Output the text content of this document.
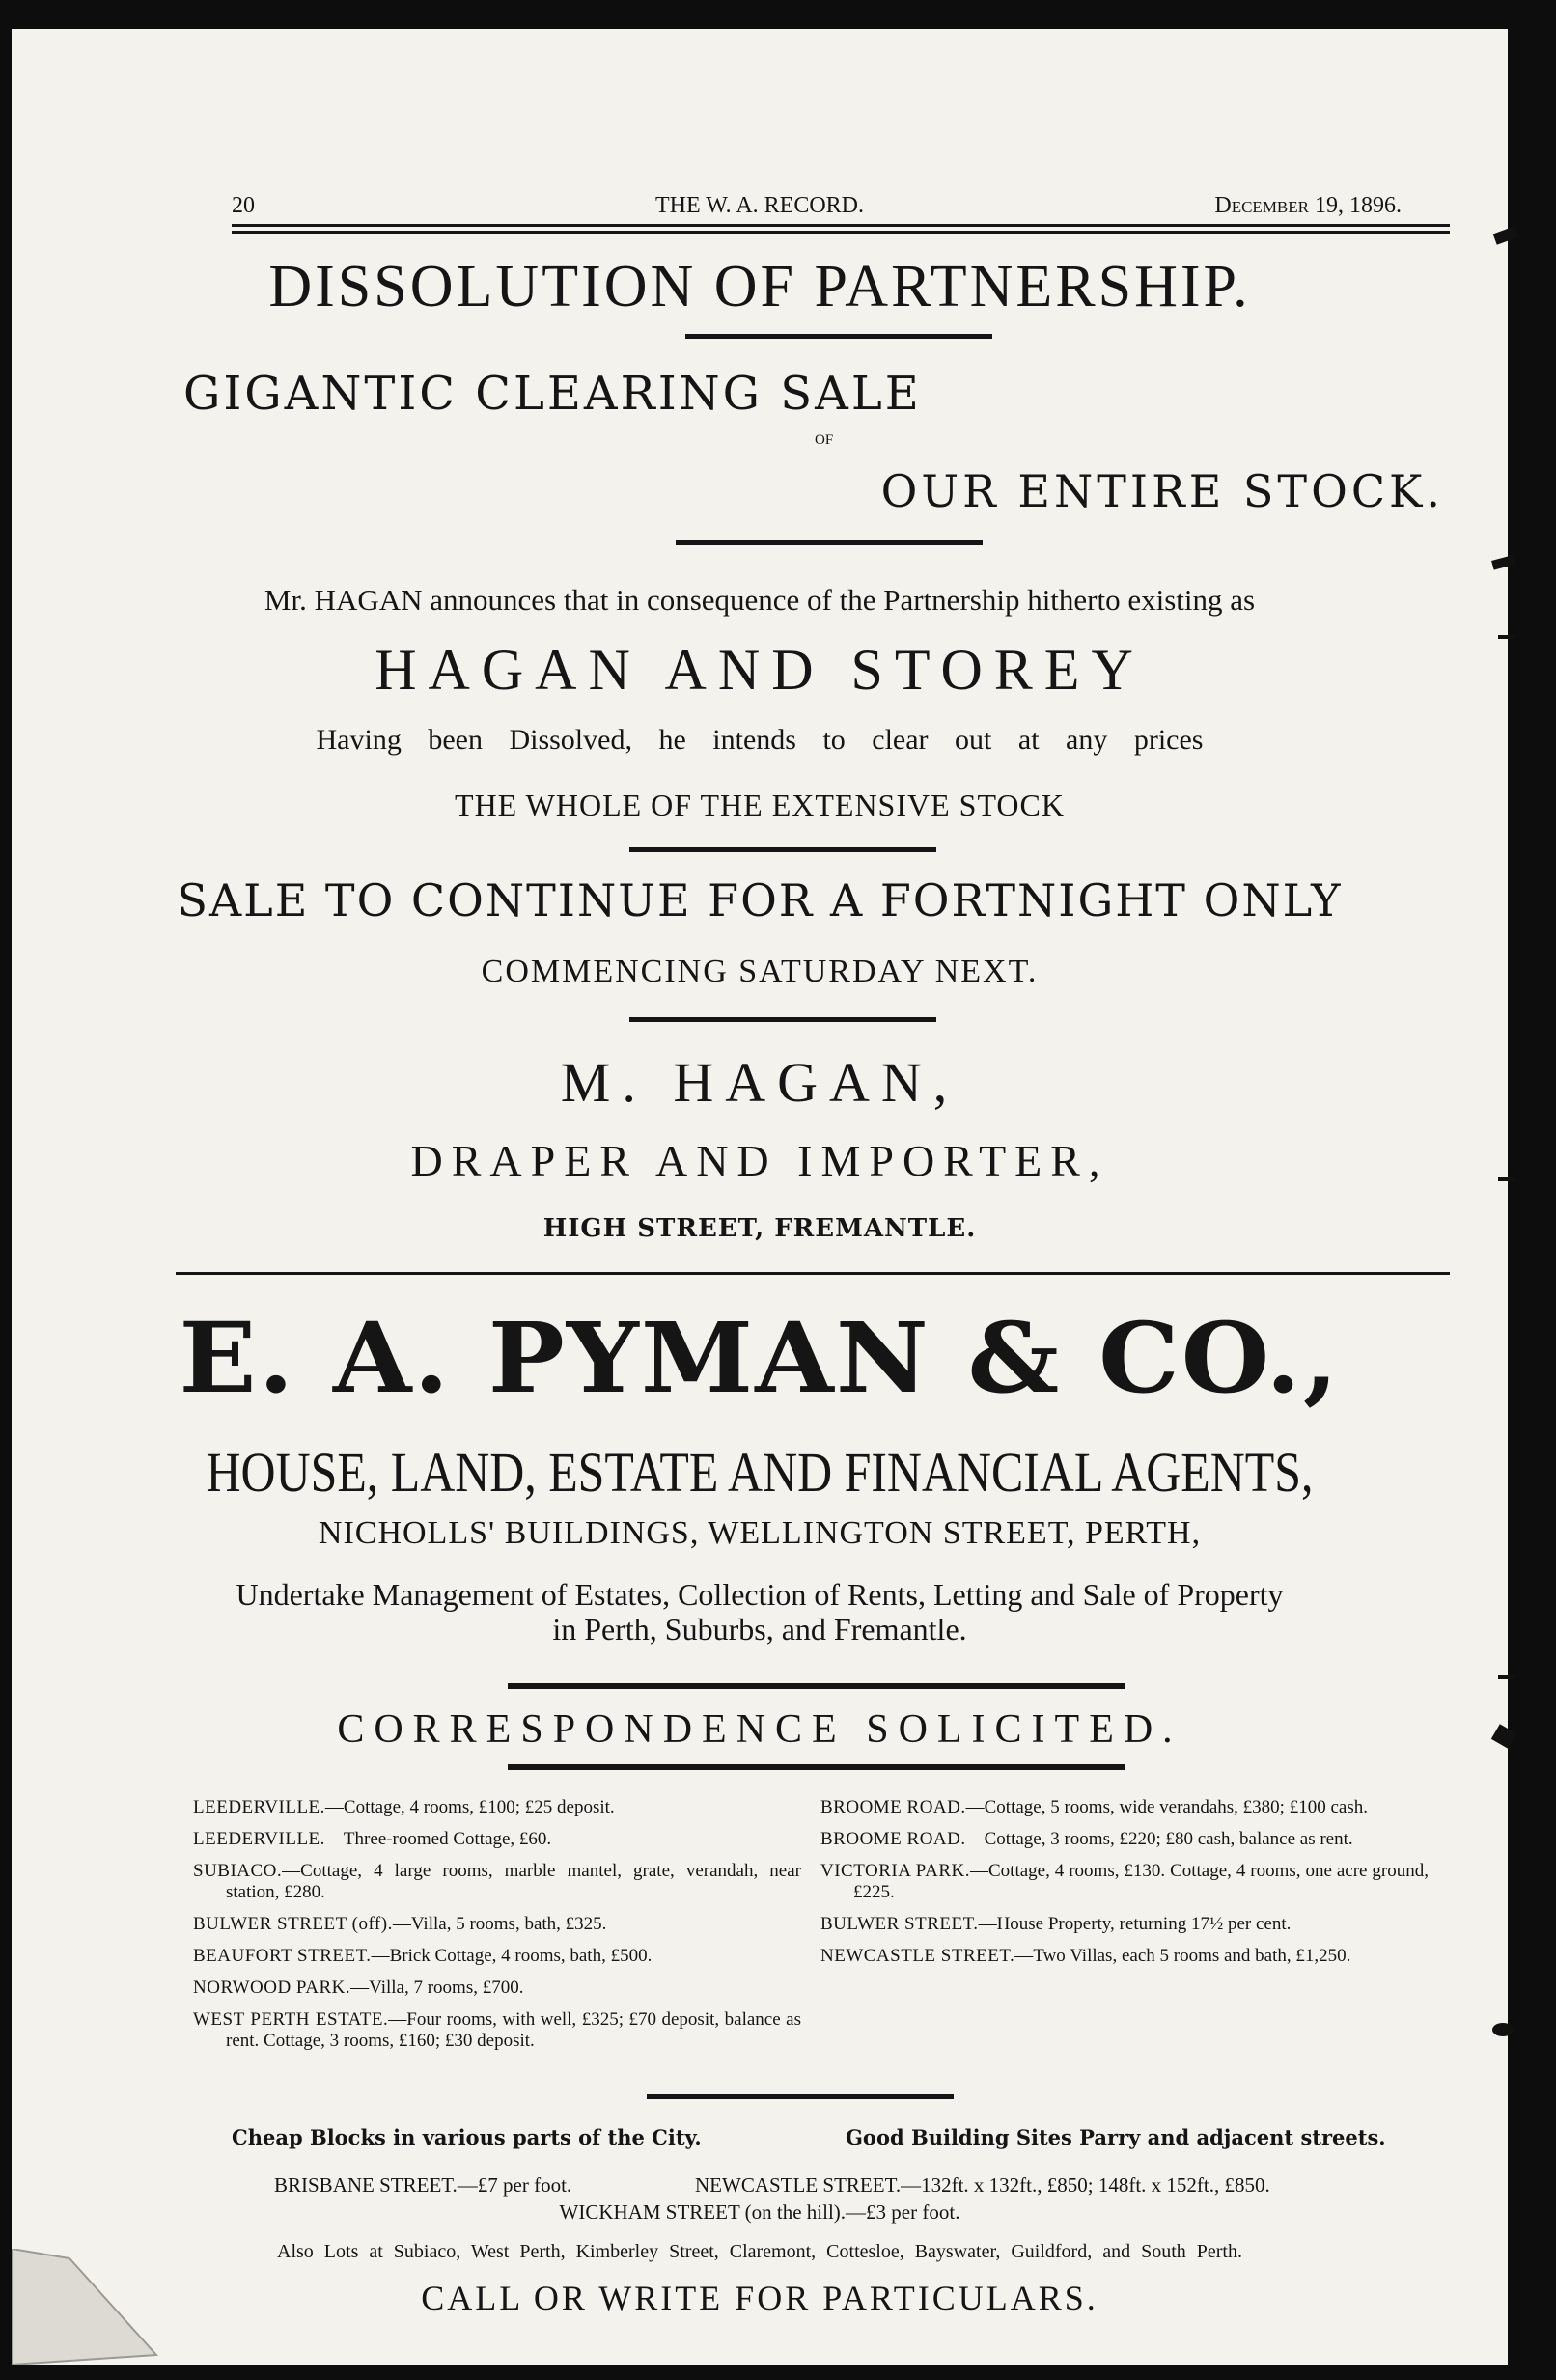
20	THE W. A. RECORD.	December 19, 1896.
DISSOLUTION OF PARTNERSHIP.
GIGANTIC CLEARING SALE
OF
OUR ENTIRE STOCK.
Mr. HAGAN announces that in consequence of the Partnership hitherto existing as
HAGAN AND STOREY
Having been Dissolved, he intends to clear out at any prices
THE WHOLE OF THE EXTENSIVE STOCK
SALE TO CONTINUE FOR A FORTNIGHT ONLY
COMMENCING SATURDAY NEXT.
M. HAGAN,
DRAPER AND IMPORTER,
HIGH STREET, FREMANTLE.
E. A. PYMAN & CO.,
HOUSE, LAND, ESTATE AND FINANCIAL AGENTS,
NICHOLLS' BUILDINGS, WELLINGTON STREET, PERTH,
Undertake Management of Estates, Collection of Rents, Letting and Sale of Property
in Perth, Suburbs, and Fremantle.
CORRESPONDENCE SOLICITED.
LEEDERVILLE.—Cottage, 4 rooms, £100; £25 deposit.
LEEDERVILLE.—Three-roomed Cottage, £60.
SUBIACO.—Cottage, 4 large rooms, marble mantel, grate, verandah, near station, £280.
BULWER STREET (off).—Villa, 5 rooms, bath, £325.
BEAUFORT STREET.—Brick Cottage, 4 rooms, bath, £500.
NORWOOD PARK.—Villa, 7 rooms, £700.
WEST PERTH ESTATE.—Four rooms, with well, £325; £70 deposit, balance as rent. Cottage, 3 rooms, £160; £30 deposit.
BROOME ROAD.—Cottage, 5 rooms, wide verandahs, £380; £100 cash.
BROOME ROAD.—Cottage, 3 rooms, £220; £80 cash, balance as rent.
VICTORIA PARK.—Cottage, 4 rooms, £130. Cottage, 4 rooms, one acre ground, £225.
BULWER STREET.—House Property, returning 17½ per cent.
NEWCASTLE STREET.—Two Villas, each 5 rooms and bath, £1,250.
Cheap Blocks in various parts of the City.	Good Building Sites Parry and adjacent streets.
BRISBANE STREET.—£7 per foot.	NEWCASTLE STREET.—132ft. x 132ft., £850; 148ft. x 152ft., £850.
WICKHAM STREET (on the hill).—£3 per foot.
Also Lots at Subiaco, West Perth, Kimberley Street, Claremont, Cottesloe, Bayswater, Guildford, and South Perth.
CALL OR WRITE FOR PARTICULARS.
